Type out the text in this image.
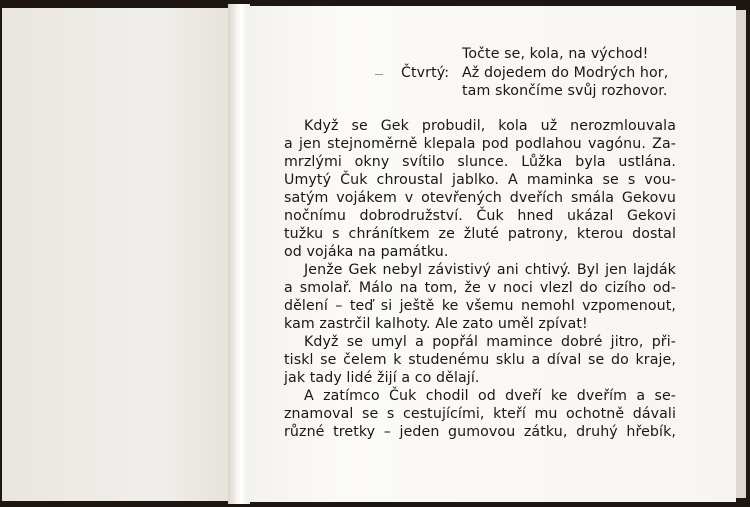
Točte se, kola, na východ!
Čtvrtý: Až dojedem do Modrých hor,
tam skončíme svůj rozhovor.
Když se Gek probudil, kola už nerozmlouvala
a jen stejnoměrně klepala pod podlahou vagónu. Za-
mrzlými okny svítilo slunce. Lůžka byla ustlána.
Umytý Čuk chroustal jablko. A maminka se s vou-
satým vojákem v otevřených dveřích smála Gekovu
nočnímu dobrodružství. Čuk hned ukázal Gekovi
tužku s chránítkem ze žluté patrony, kterou dostal
od vojáka na památku.
Jenže Gek nebyl závistivý ani chtivý. Byl jen lajdák
a smolař. Málo na tom, že v noci vlezl do cizího od-
dělení – teď si ještě ke všemu nemohl vzpomenout,
kam zastrčil kalhoty. Ale zato uměl zpívat!
Když se umyl a popřál mamince dobré jitro, při-
tiskl se čelem k studenému sklu a díval se do kraje,
jak tady lidé žijí a co dělají.
A zatímco Čuk chodil od dveří ke dveřím a se-
znamoval se s cestujícími, kteří mu ochotně dávali
různé tretky – jeden gumovou zátku, druhý hřebík,
